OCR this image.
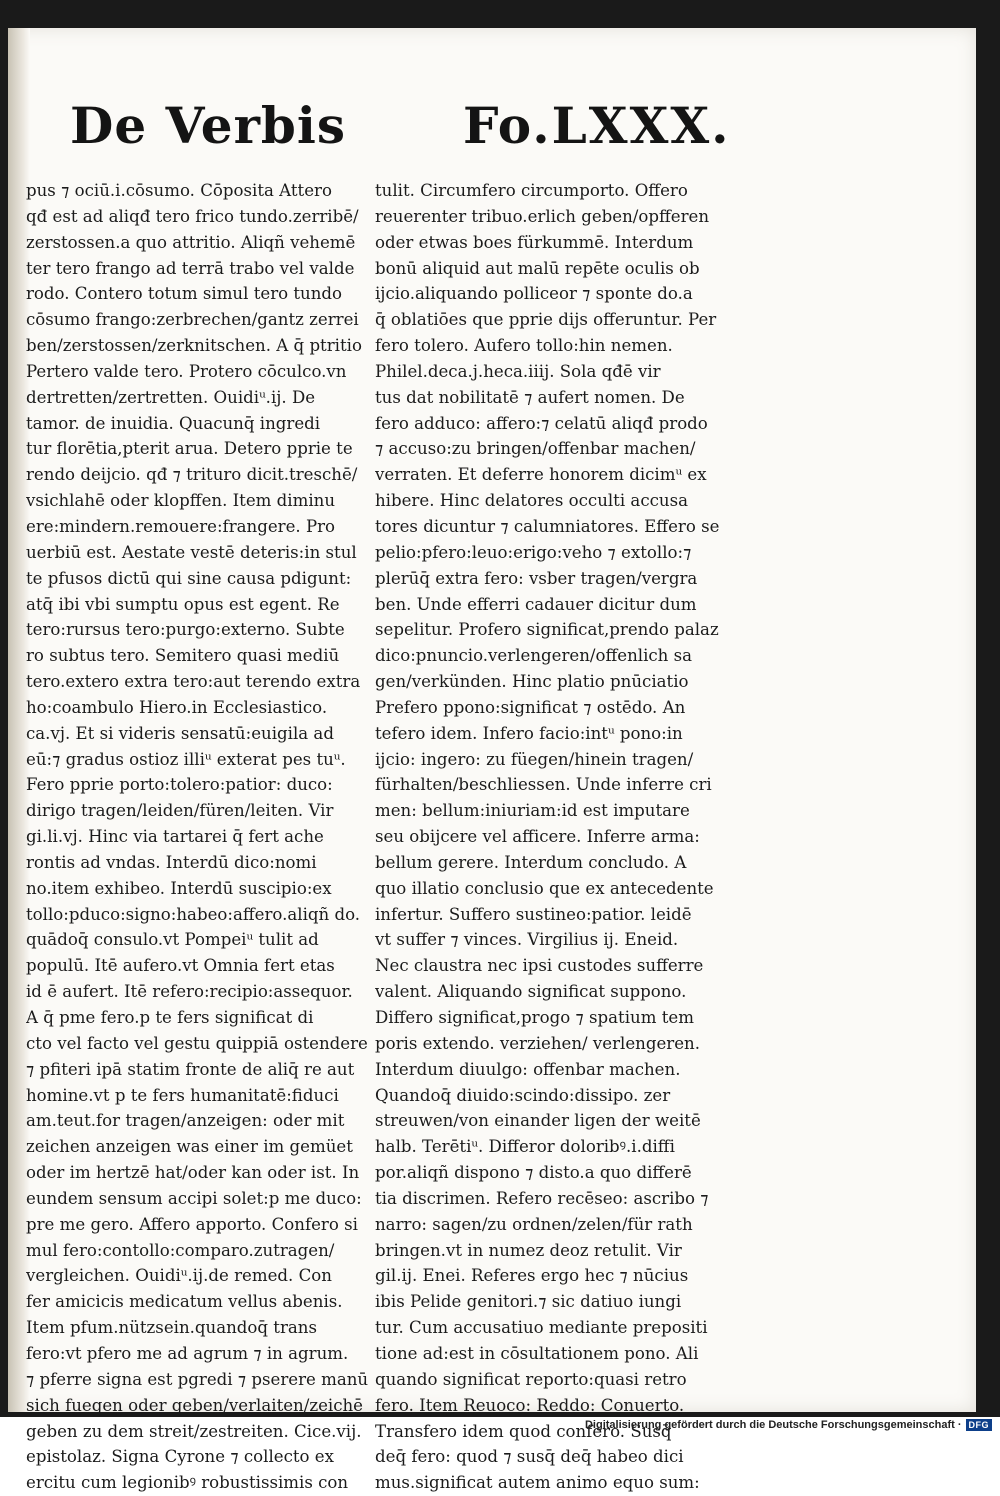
De Verbis Fo.LXXX.
pus ⁊ ociū.i.cōsumo. Cōposita Attero
qđ est ad aliqđ tero frico tundo.zerribē/
zerstossen.a quo attritio. Aliqñ vehemē
ter tero frango ad terrā trabo vel valde
rodo. Contero totum simul tero tundo
cōsumo frango:zerbrechen/gantz zerrei
ben/zerstossen/zerknitschen. A q̄ ptritio
Pertero valde tero. Protero cōculco.vn
dertretten/zertretten. Ouidiᵘ.ij. De
tamor. de inuidia. Quacunq̄ ingredi
tur florētia,pterit arua. Detero pprie te
rendo deijcio. qđ ⁊ trituro dicit.treschē/
vsichlahē oder klopffen. Item diminu
ere:mindern.remouere:frangere. Pro
uerbiū est. Aestate vestē deteris:in stul
te pfusos dictū qui sine causa pdigunt:
atq̄ ibi vbi sumptu opus est egent. Re
tero:rursus tero:purgo:externo. Subte
ro subtus tero. Semitero quasi mediū
tero.extero extra tero:aut terendo extra
ho:coambulo Hiero.in Ecclesiastico.
ca.vj. Et si videris sensatū:euigila ad
eū:⁊ gradus ostioz illiᵘ exterat pes tuᵘ.
Fero pprie porto:tolero:patior: duco:
dirigo tragen/leiden/füren/leiten. Vir
gi.li.vj. Hinc via tartarei q̄ fert ache
rontis ad vndas. Interdū dico:nomi
no.item exhibeo. Interdū suscipio:ex
tollo:pduco:signo:habeo:affero.aliqñ do.
quādoq̄ consulo.vt Pompeiᵘ tulit ad
populū. Itē aufero.vt Omnia fert etas
id ē aufert. Itē refero:recipio:assequor.
A q̄ pme fero.p te fers significat di
cto vel facto vel gestu quippiā ostendere
⁊ pfiteri ipā statim fronte de aliq̄ re aut
homine.vt p te fers humanitatē:fiduci
am.teut.for tragen/anzeigen: oder mit
zeichen anzeigen was einer im gemüet
oder im hertzē hat/oder kan oder ist. In
eundem sensum accipi solet:p me duco:
pre me gero. Affero apporto. Confero si
mul fero:contollo:comparo.zutragen/
vergleichen. Ouidiᵘ.ij.de remed. Con
fer amicicis medicatum vellus abenis.
Item pfum.nützsein.quandoq̄ trans
fero:vt pfero me ad agrum ⁊ in agrum.
⁊ pferre signa est pgredi ⁊ pserere manū
sich fuegen oder geben/verlaiten/zeichē
geben zu dem streit/zestreiten. Cice.vij.
epistolaz. Signa Cyrone ⁊ collecto ex
ercitu cum legionibꝰ robustissimis con
tulit. Circumfero circumporto. Offero
reuerenter tribuo.erlich geben/opfferen
oder etwas boes fürkummē. Interdum
bonū aliquid aut malū repēte oculis ob
ijcio.aliquando polliceor ⁊ sponte do.a
q̄ oblatiōes que pprie dijs offeruntur. Per
fero tolero. Aufero tollo:hin nemen.
Philel.deca.j.heca.iiij. Sola qđē vir
tus dat nobilitatē ⁊ aufert nomen. De
fero adduco: affero:⁊ celatū aliqđ prodo
⁊ accuso:zu bringen/offenbar machen/
verraten. Et deferre honorem dicimᵘ ex
hibere. Hinc delatores occulti accusa
tores dicuntur ⁊ calumniatores. Effero se
pelio:pfero:leuo:erigo:veho ⁊ extollo:⁊
plerūq̄ extra fero: vsber tragen/vergra
ben. Unde efferri cadauer dicitur dum
sepelitur. Profero significat,prendo palaz
dico:pnuncio.verlengeren/offenlich sa
gen/verkünden. Hinc platio pnūciatio
Prefero ppono:significat ⁊ ostēdo. An
tefero idem. Infero facio:intᵘ pono:in
ijcio: ingero: zu füegen/hinein tragen/
fürhalten/beschliessen. Unde inferre cri
men: bellum:iniuriam:id est imputare
seu obijcere vel afficere. Inferre arma:
bellum gerere. Interdum concludo. A
quo illatio conclusio que ex antecedente
infertur. Suffero sustineo:patior. leidē
vt suffer ⁊ vinces. Virgilius ij. Eneid.
Nec claustra nec ipsi custodes sufferre
valent. Aliquando significat suppono.
Differo significat,progo ⁊ spatium tem
poris extendo. verziehen/ verlengeren.
Interdum diuulgo: offenbar machen.
Quandoq̄ diuido:scindo:dissipo. zer
streuwen/von einander ligen der weitē
halb. Terētiᵘ. Differor doloribꝰ.i.diffi
por.aliqñ dispono ⁊ disto.a quo differē
tia discrimen. Refero recēseo: ascribo ⁊
narro: sagen/zu ordnen/zelen/für rath
bringen.vt in numez deoz retulit. Vir
gil.ij. Enei. Referes ergo hec ⁊ nūcius
ibis Pelide genitori.⁊ sic datiuo iungi
tur. Cum accusatiuo mediante prepositi
tione ad:est in cōsultationem pono. Ali
quando significat reporto:quasi retro
fero. Item Reuoco: Reddo: Conuerto.
Transfero idem quod confero. Susq̄
deq̄ fero: quod ⁊ susq̄ deq̄ habeo dici
mus.significat autem animo equo sum:
Digitalisierung gefördert durch die Deutsche Forschungsgemeinschaft · DFG
